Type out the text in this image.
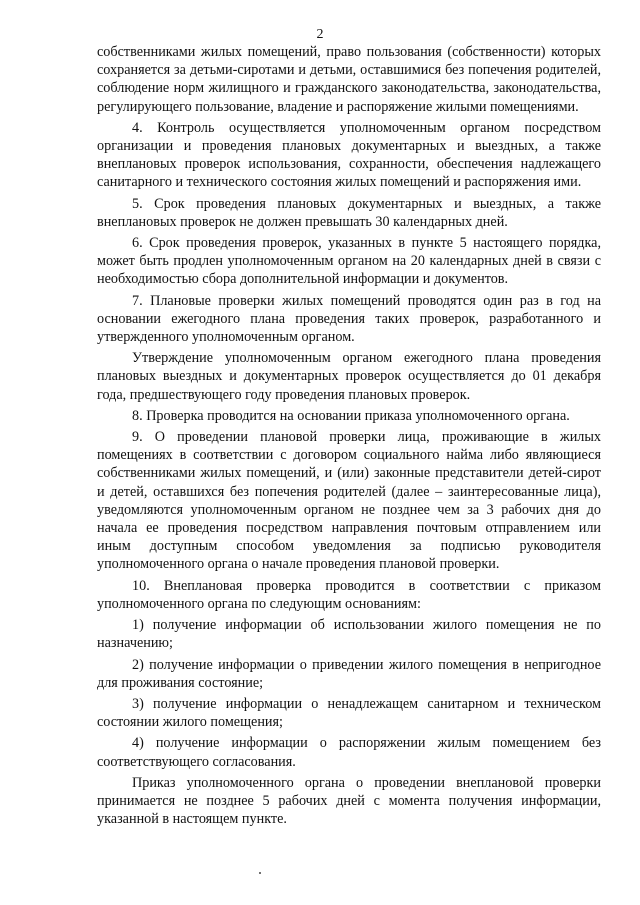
2

собственниками жилых помещений, право пользования (собственности) которых сохраняется за детьми-сиротами и детьми, оставшимися без попечения родителей, соблюдение норм жилищного и гражданского законодательства, законодательства, регулирующего пользование, владение и распоряжение жилыми помещениями.

4. Контроль осуществляется уполномоченным органом посредством организации и проведения плановых документарных и выездных, а также внеплановых проверок использования, сохранности, обеспечения надлежащего санитарного и технического состояния жилых помещений и распоряжения ими.

5. Срок проведения плановых документарных и выездных, а также внеплановых проверок не должен превышать 30 календарных дней.

6. Срок проведения проверок, указанных в пункте 5 настоящего порядка, может быть продлен уполномоченным органом на 20 календарных дней в связи с необходимостью сбора дополнительной информации и документов.

7. Плановые проверки жилых помещений проводятся один раз в год на основании ежегодного плана проведения таких проверок, разработанного и утвержденного уполномоченным органом.

Утверждение уполномоченным органом ежегодного плана проведения плановых выездных и документарных проверок осуществляется до 01 декабря года, предшествующего году проведения плановых проверок.

8. Проверка проводится на основании приказа уполномоченного органа.

9. О проведении плановой проверки лица, проживающие в жилых помещениях в соответствии с договором социального найма либо являющиеся собственниками жилых помещений, и (или) законные представители детей-сирот и детей, оставшихся без попечения родителей (далее – заинтересованные лица), уведомляются уполномоченным органом не позднее чем за 3 рабочих дня до начала ее проведения посредством направления почтовым отправлением или иным доступным способом уведомления за подписью руководителя уполномоченного органа о начале проведения плановой проверки.

10. Внеплановая проверка проводится в соответствии с приказом уполномоченного органа по следующим основаниям:

1) получение информации об использовании жилого помещения не по назначению;

2) получение информации о приведении жилого помещения в непригодное для проживания состояние;

3) получение информации о ненадлежащем санитарном и техническом состоянии жилого помещения;

4) получение информации о распоряжении жилым помещением без соответствующего согласования.

Приказ уполномоченного органа о проведении внеплановой проверки принимается не позднее 5 рабочих дней с момента получения информации, указанной в настоящем пункте.
